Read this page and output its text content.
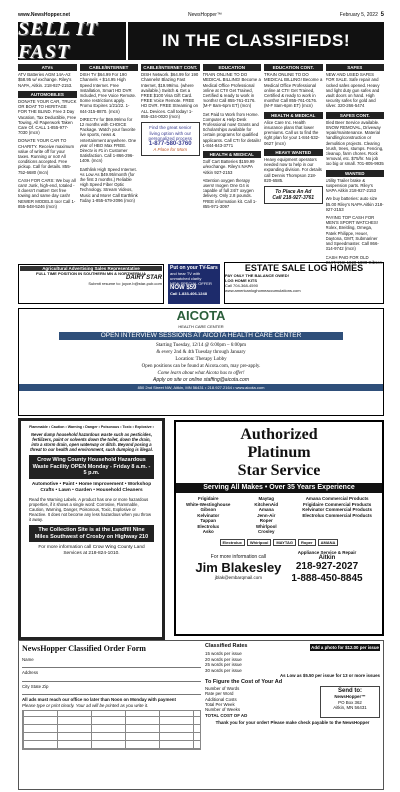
www.NewsHopper.net	NewsHopper™	February 5, 2022 5
SELL IT FAST
IN THE CLASSIFIEDS!
ATVs
ATV Batteries AGM 14A-A2 $58.95 w/ exchange. Riley's NAPA, Aitkin. 218-927-2153.
AUTOMOBILES
DONATE YOUR CAR, TRUCK OR BOAT TO HERITAGE FOR THE BLIND. Free 3 Day Vacation, Tax Deductible, Free Towing, All Paperwork Taken Care Of. CALL 1-855-977-7030 (mcn)
DONATE YOUR CAR TO CHARITY. Receive maximum value of write off for your taxes. Running or not! All conditions accepted. Free pickup. Call for details. 855-752-6680 (mcn)
CASH FOR CARS: We buy all cars! Junk, high-end, totaled - it doesn't matter! Get free towing and same day cash! NEWER MODELS too! Call 1-855-548-5246 (mcn)
CABLE/INTERNET
DISH TV $64.99 For 190 Channels + $14.95 High Speed Internet. Free Installation, Smart HD DVR Included, Free Voice Remote. Some restrictions apply. Promo Expires 1/21/22. 1-844-315-8870. (mcn)
DIRECTV for $69.99/mo for 12 months with CHOICE Package. Watch your favorite live sports, news & entertainment anywhere. One year of HBO Max FREE. Directv is #1 in Customer Satisfaction. Call 1-866-296-1409. (mcn)
Earthlink High Speed Internet. As Low As $49.95/month (for the first 3 months.) Reliable High Speed Fiber Optic Technology. Stream Videos, Music and More! Call Earthlink Today 1-855-679-2096 (mcn)
CABLE/INTERNET CONT.
DISH Network. $64.99 for 190 Channels! Blazing Fast Internet, $19.99/mo. (where available.) Switch & Get a FREE $100 Visa Gift Card. FREE Voice Remote. FREE HD DVR. FREE Streaming on ALL Devices. Call today! 1-855-434-0020 (mcn)
Find the great senior
living option with our
personalized process
1-877-580-3760
A Place for Mom
EDUCATION
TRAIN ONLINE TO DO MEDICAL BILLING! Become a Medical Office Professional online at CTI! Get Trained, Certified & ready to work in months! Call 855-761-0176. (M-F 8am-6pm ET) (mcn)
Get Paid to Work from Home. Computer & Help Desk Professional now! Grants and Scholarships available for certain programs for qualified applicants. Call CTI for details! 1-844-843-3771
HEALTH & MEDICAL
Golf Cart Batteries $159.99 w/exchange. Riley's NAPA Aitkin 927-2153
Attention oxygen therapy users! Inogen One G4 is capable of full 24/7 oxygen delivery. Only 2.8 pounds. FREE information kit. Call 1-855-971-3097
EDUCATION CONT.
TRAIN ONLINE TO DO MEDICAL BILLING! Become a Medical Office Professional online at CTI! Get Trained, Certified & ready to work in months! Call 855-761-0176. (M-F 8am-6pm ET) (mcn)
HEALTH & MEDICAL
Alice Care Inc. Health insurance plans that lower premiums. Call us to find the right plan for you! 1-844-532-0627 (mcn)
HEAVY WANTED
Heavy equipment operators needed now to help in our expanding division. For details call Dennis Thompson 218-820-6585.
To Place An Ad
Call 218-927-3761
SAFES
NEW AND USED SAFES FOR SALE. Safe repair and locked safes opened. Heavy and light duty gun safes and vault doors on hand. High security safes for gold and silver. 320-266-5474
SAFES CONT.
Sled Beer Service available. SNOW REMOVAL, Driveway repair/maintenance. Material handling/construction or demolition projects. Clearing brush, trees, stumps. Fencing, cleanup, farm chores. Rock removal, etc. $75/hr. No job too big or small. 701-805-9935
WANTED
Utility Trailer brake & suspension parts. Riley's NAPA Aitkin 218-927-2153
We buy batteries: auto size $5.00 Riley's NAPA Aitkin 218-927-2153
PAYING TOP CASH FOR MEN'S SPORT WATCHES! Rolex, Breitling, Omega, Patek Philippe, Heuer, Daytona, GMT, Submariner and Speedmaster. Call 866-314-9742 (mcn)
CASH PAID FOR OLD GUITARS! 1920-1980 Gibson,
Agricultural Advertising Sales Representative
FULL TIME POSITION IN SOUTHERN MN & NORTHERN IA
DAIRY STAR
Submit resume to: joyce.b@star-pub.com
Put on your TV-Ears
and hear TV with unmatched clarity
NEW SPECIAL OFFER
NOW $59
Call 1-833-406-1248
ESTATE SALE LOG HOMES
PAY ONLY THE BALANCE OWED!
LOG HOME KITS
Call 704-368-4590
www.americanloghomeaccumulations.com
AICOTA
HEALTH CARE CENTER
OPEN INTERVIEW SESSIONS AT AICOTA HEALTH CARE CENTER
Starting Tuesday, 12/14 @ 6:00pm – 6:00pm
& every 2nd & 4th Tuesday through January
Location: Therapy Lobby
Open positions can be found at Aicota.com, may pre-apply.
Come learn about what Aicota has to offer!
Apply on site or online staffing@aicota.com
850 2nd Street NW, Aitkin, MN 56431 • 218.927.2164 • www.aicota.com
Flammable • Caution • Warning • Danger • Poisonous • Toxic • Explosive •
Never dump household hazardous waste such as pesticides, fertilizers, paint or solvents down the toilet, down the drain, into a storm drain, open waterway or ditch. Beyond posing a threat to our health and environment, such dumping is illegal.
Crow Wing County Household Hazardous Waste Facility OPEN Monday - Friday 8 a.m. - 5 p.m.
Automotive • Paint • Home Improvement • Workshop Crafts • Lawn • Garden • Household Cleaners
Read the Warning Labels. A product has one or more hazardous properties, if it shows a single word: Corrosive, Flammable, Caution, Warning, Danger, Poisonous, Toxic, Explosive or Reactive. It does not become any less hazardous when you throw it away.
The Collection Site is at the Landfill Nine Miles Southwest of Crosby on Highway 210
For more information call Crow Wing County Land Services at 218-824-1010.
Authorized
Platinum
Star Service
Serving All Makes • Over 35 Years Experience
Frigidaire
White-Westinghouse
Gibson
Kelvinator
Tappan
Electrolux
Asko
Maytag
KitchenAid
Amana
Jenn-Air
Roper
Whirlpool
Crosley
Amana Commercial Products
Frigidaire Commercial Products
Kelvinator Commercial Products
Electrolux Commercial Products
Electrolux Whirlpool MAYTAG Roper AMANA
For more information call
Jim Blakesley
jblak@embarqmail.com
Appliance Service & Repair
Aitkin
218-927-2027
1-888-450-8845
NewsHopper Classified Order Form
Name
Address
City State Zip
All ads must reach our office no later than Noon on Monday with payment
Please type or print clearly. Your ad will be printed as you write it.
Classified Rates	Add a photo for $12.00 per issue
15 words per issue
20 words per issue
25 words per issue
30 words per issue
As Low as $5.50 per issue for 13 or more issues
To Figure the Cost of Your Ad
Number of Words
Rate per Word
Additional Costs
Total Per Week
Number of Weeks
TOTAL COST OF AD
Send to:
NewsHopper™
PO Box 362
Aitkin, MN 56431
Thank you for your order! Please make check payable to the NewsHopper
